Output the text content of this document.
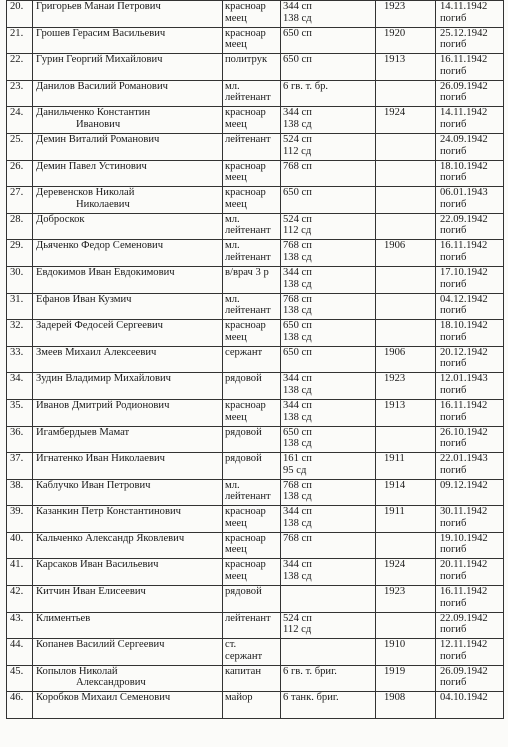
20.	Григорьев Манаи Петрович	красноар
меец	344 сп
138 сд	1923	14.11.1942
погиб

21.	Грошев Герасим Васильевич	красноар
меец	650 сп	1920	25.12.1942
погиб

22.	Гурин Георгий Михайлович	политрук	650 сп	1913	16.11.1942
погиб

23.	Данилов Василий Романович	мл.
лейтенант	6 гв. т. бр.		26.09.1942
погиб

24.	Данильченко Константин
Иванович	красноар
меец	344 сп
138 сд	1924	14.11.1942
погиб

25.	Демин Виталий Романович	лейтенант	524 сп
112 сд		24.09.1942
погиб

26.	Демин Павел Устинович	красноар
меец	768 сп		18.10.1942
погиб

27.	Деревенсков Николай
Николаевич	красноар
меец	650 сп		06.01.1943
погиб

28.	Доброскок	мл.
лейтенант	524 сп
112 сд		22.09.1942
погиб

29.	Дьяченко Федор Семенович	мл.
лейтенант	768 сп
138 сд	1906	16.11.1942
погиб

30.	Евдокимов Иван Евдокимович	в/врач 3 р	344 сп
138 сд		17.10.1942
погиб

31.	Ефанов Иван Кузмич	мл.
лейтенант	768 сп
138 сд		04.12.1942
погиб

32.	Задерей Федосей Сергеевич	красноар
меец	650 сп
138 сд		18.10.1942
погиб

33.	Змеев Михаил Алексеевич	сержант	650 сп	1906	20.12.1942
погиб

34.	Зудин Владимир Михайлович	рядовой	344 сп
138 сд	1923	12.01.1943
погиб

35.	Иванов Дмитрий Родионович	красноар
меец	344 сп
138 сд	1913	16.11.1942
погиб

36.	Игамбердыев Мамат	рядовой	650 сп
138 сд		26.10.1942
погиб

37.	Игнатенко Иван Николаевич	рядовой	161 сп
95 сд	1911	22.01.1943
погиб

38.	Каблучко Иван Петрович	мл.
лейтенант	768 сп
138 сд	1914	09.12.1942

39.	Казанкин Петр Константинович	красноар
меец	344 сп
138 сд	1911	30.11.1942
погиб

40.	Кальченко Александр Яковлевич	красноар
меец	768 сп		19.10.1942
погиб

41.	Карсаков Иван Васильевич	красноар
меец	344 сп
138 сд	1924	20.11.1942
погиб

42.	Китчин Иван Елисеевич	рядовой		1923	16.11.1942
погиб

43.	Климентьев	лейтенант	524 сп
112 сд		22.09.1942
погиб

44.	Копанев Василий Сергеевич	ст.
сержант		1910	12.11.1942
погиб

45.	Копылов Николай
Александрович	капитан	6 гв. т. бриг.	1919	26.09.1942
погиб

46.	Коробков Михаил Семенович	майор	6 танк. бриг.	1908	04.10.1942
